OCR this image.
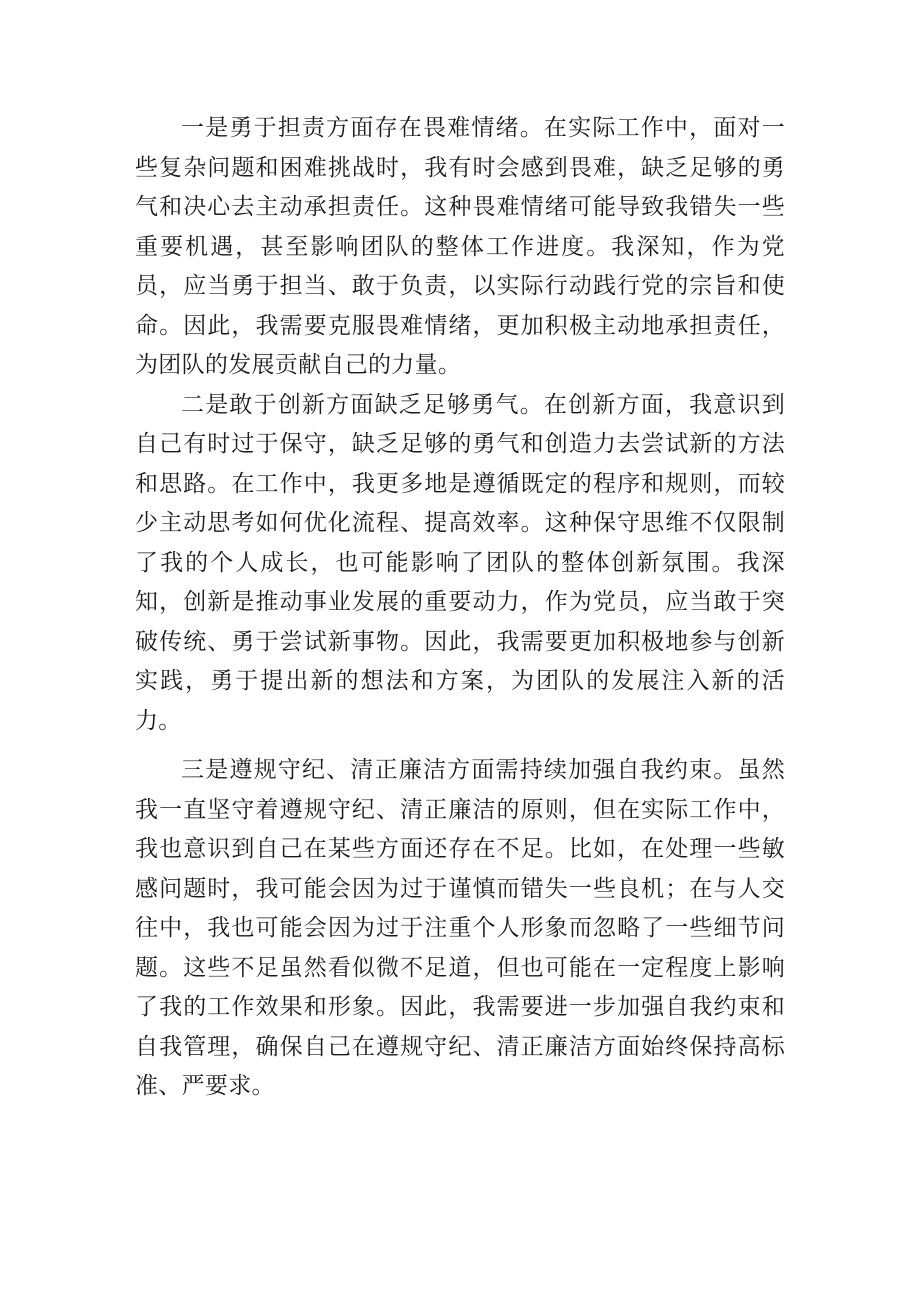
一是勇于担责方面存在畏难情绪。在实际工作中，面对一些复杂问题和困难挑战时，我有时会感到畏难，缺乏足够的勇气和决心去主动承担责任。这种畏难情绪可能导致我错失一些重要机遇，甚至影响团队的整体工作进度。我深知，作为党员，应当勇于担当、敢于负责，以实际行动践行党的宗旨和使命。因此，我需要克服畏难情绪，更加积极主动地承担责任，为团队的发展贡献自己的力量。

二是敢于创新方面缺乏足够勇气。在创新方面，我意识到自己有时过于保守，缺乏足够的勇气和创造力去尝试新的方法和思路。在工作中，我更多地是遵循既定的程序和规则，而较少主动思考如何优化流程、提高效率。这种保守思维不仅限制了我的个人成长，也可能影响了团队的整体创新氛围。我深知，创新是推动事业发展的重要动力，作为党员，应当敢于突破传统、勇于尝试新事物。因此，我需要更加积极地参与创新实践，勇于提出新的想法和方案，为团队的发展注入新的活力。

三是遵规守纪、清正廉洁方面需持续加强自我约束。虽然我一直坚守着遵规守纪、清正廉洁的原则，但在实际工作中，我也意识到自己在某些方面还存在不足。比如，在处理一些敏感问题时，我可能会因为过于谨慎而错失一些良机；在与人交往中，我也可能会因为过于注重个人形象而忽略了一些细节问题。这些不足虽然看似微不足道，但也可能在一定程度上影响了我的工作效果和形象。因此，我需要进一步加强自我约束和自我管理，确保自己在遵规守纪、清正廉洁方面始终保持高标准、严要求。
